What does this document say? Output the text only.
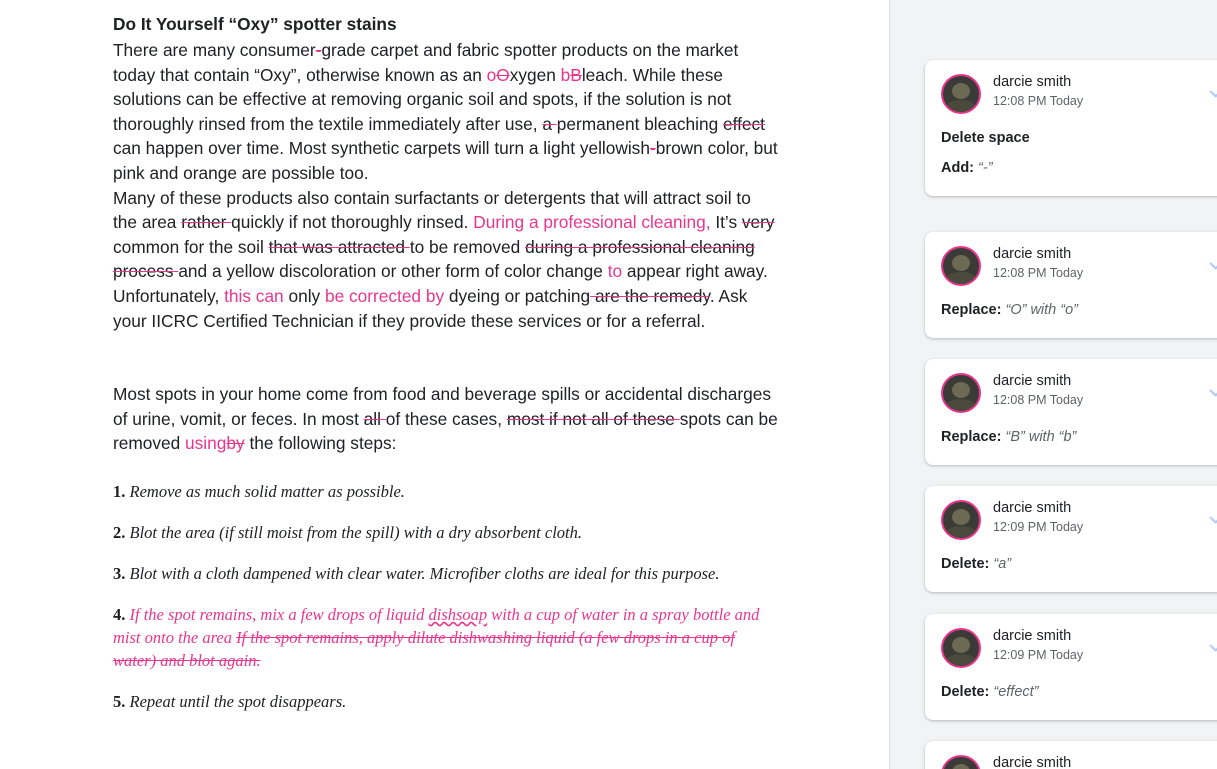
Do It Yourself “Oxy” spotter stains

There are many consumer-grade carpet and fabric spotter products on the market today that contain “Oxy”, otherwise known as an oOxygen bBleach. While these solutions can be effective at removing organic soil and spots, if the solution is not thoroughly rinsed from the textile immediately after use, a permanent bleaching effect can happen over time. Most synthetic carpets will turn a light yellowish-brown color, but pink and orange are possible too.

Many of these products also contain surfactants or detergents that will attract soil to the area rather quickly if not thoroughly rinsed. During a professional cleaning, It’s very common for the soil that was attracted to be removed during a professional cleaning process and a yellow discoloration or other form of color change to appear right away. Unfortunately, this can only be corrected by dyeing or patching are the remedy. Ask your IICRC Certified Technician if they provide these services or for a referral.

Most spots in your home come from food and beverage spills or accidental discharges of urine, vomit, or feces. In most all of these cases, most if not all of these spots can be removed usingby the following steps:

1. Remove as much solid matter as possible.
2. Blot the area (if still moist from the spill) with a dry absorbent cloth.
3. Blot with a cloth dampened with clear water. Microfiber cloths are ideal for this purpose.
4. If the spot remains, mix a few drops of liquid dishsoap with a cup of water in a spray bottle and mist onto the area If the spot remains, apply dilute dishwashing liquid (a few drops in a cup of water) and blot again.
5. Repeat until the spot disappears.
darcie smith
12:08 PM Today
Delete space
Add: “-”
darcie smith
12:08 PM Today
Replace: “O” with “o”
darcie smith
12:08 PM Today
Replace: “B” with “b”
darcie smith
12:09 PM Today
Delete: “a”
darcie smith
12:09 PM Today
Delete: “effect”
darcie smith
